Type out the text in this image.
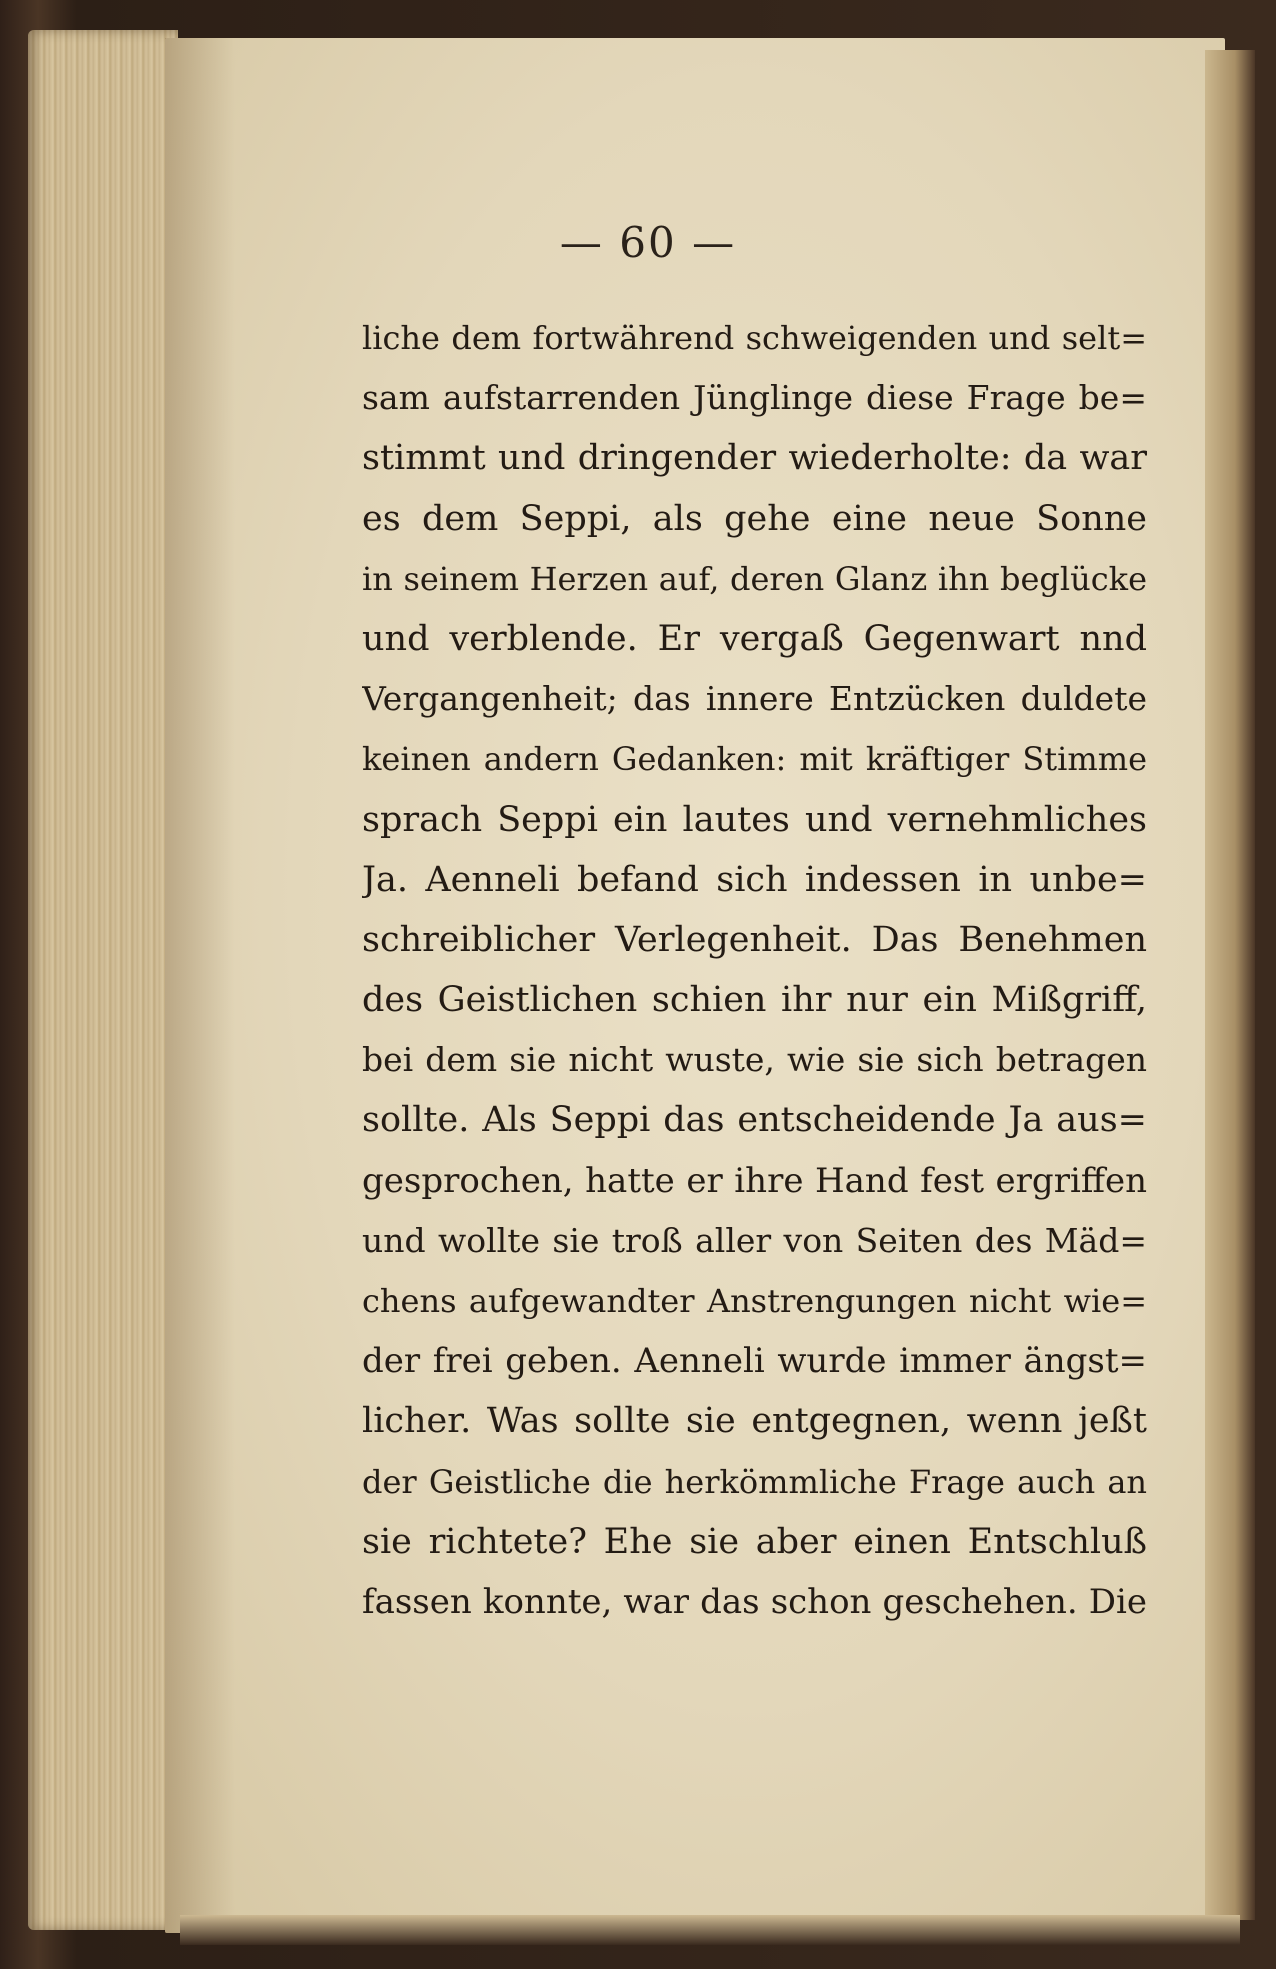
— 60 —
liche dem fortwährend schweigenden und selt=
sam aufstarrenden Jünglinge diese Frage be=
stimmt und dringender wiederholte: da war
es dem Seppi, als gehe eine neue Sonne
in seinem Herzen auf, deren Glanz ihn beglücke
und verblende. Er vergaß Gegenwart nnd
Vergangenheit; das innere Entzücken duldete
keinen andern Gedanken: mit kräftiger Stimme
sprach Seppi ein lautes und vernehmliches
Ja. Aenneli befand sich indessen in unbe=
schreiblicher Verlegenheit. Das Benehmen
des Geistlichen schien ihr nur ein Mißgriff,
bei dem sie nicht wuste, wie sie sich betragen
sollte. Als Seppi das entscheidende Ja aus=
gesprochen, hatte er ihre Hand fest ergriffen
und wollte sie troß aller von Seiten des Mäd=
chens aufgewandter Anstrengungen nicht wie=
der frei geben. Aenneli wurde immer ängst=
licher. Was sollte sie entgegnen, wenn jeßt
der Geistliche die herkömmliche Frage auch an
sie richtete? Ehe sie aber einen Entschluß
fassen konnte, war das schon geschehen. Die
